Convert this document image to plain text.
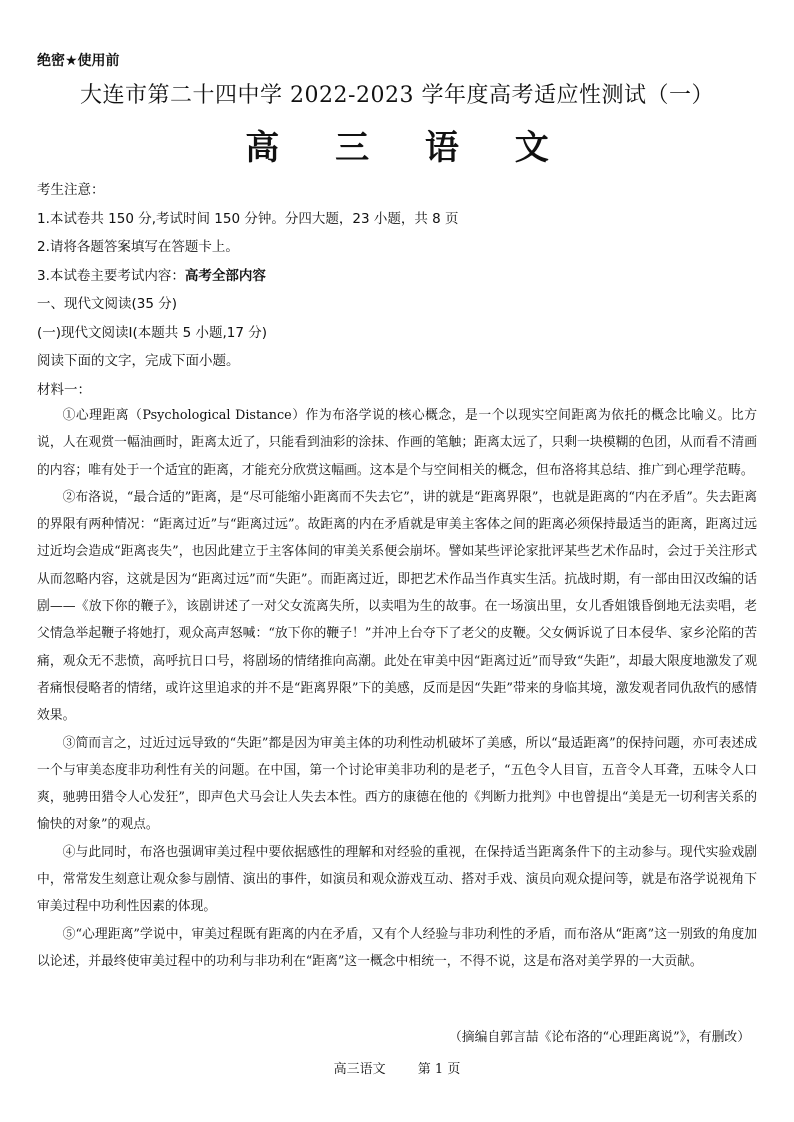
绝密★使用前
大连市第二十四中学 2022-2023 学年度高考适应性测试（一）
高 三 语 文
考生注意：
1.本试卷共 150 分,考试时间 150 分钟。分四大题，23 小题，共 8 页
2.请将各题答案填写在答题卡上。
3.本试卷主要考试内容：高考全部内容
一、现代文阅读(35 分)
(一)现代文阅读I(本题共 5 小题,17 分)
阅读下面的文字，完成下面小题。
材料一：

①心理距离（Psychological Distance）作为布洛学说的核心概念，是一个以现实空间距离为依托的概念比喻义。比方说，人在观赏一幅油画时，距离太近了，只能看到油彩的涂抹、作画的笔触；距离太远了，只剩一块模糊的色团，从而看不清画的内容；唯有处于一个适宜的距离，才能充分欣赏这幅画。这本是个与空间相关的概念，但布洛将其总结、推广到心理学范畴。

②布洛说，“最合适的”距离，是“尽可能缩小距离而不失去它”，讲的就是“距离界限”，也就是距离的“内在矛盾”。失去距离的界限有两种情况：“距离过近”与“距离过远”。故距离的内在矛盾就是审美主客体之间的距离必须保持最适当的距离，距离过远过近均会造成“距离丧失”，也因此建立于主客体间的审美关系便会崩坏。譬如某些评论家批评某些艺术作品时，会过于关注形式从而忽略内容，这就是因为“距离过远”而“失距”。而距离过近，即把艺术作品当作真实生活。抗战时期，有一部由田汉改编的话剧——《放下你的鞭子》，该剧讲述了一对父女流离失所，以卖唱为生的故事。在一场演出里，女儿香姐饿昏倒地无法卖唱，老父情急举起鞭子将她打，观众高声怒喊：“放下你的鞭子！”并冲上台夺下了老父的皮鞭。父女俩诉说了日本侵华、家乡沦陷的苦痛，观众无不悲愤，高呼抗日口号，将剧场的情绪推向高潮。此处在审美中因“距离过近”而导致“失距”，却最大限度地激发了观者痛恨侵略者的情绪，或许这里追求的并不是“距离界限”下的美感，反而是因“失距”带来的身临其境，激发观者同仇敌忾的感情效果。

③简而言之，过近过远导致的“失距”都是因为审美主体的功利性动机破坏了美感，所以“最适距离”的保持问题，亦可表述成一个与审美态度非功利性有关的问题。在中国，第一个讨论审美非功利的是老子，“五色令人目盲，五音令人耳聋，五味令人口爽，驰骋田猎令人心发狂”，即声色犬马会让人失去本性。西方的康德在他的《判断力批判》中也曾提出“美是无一切利害关系的愉快的对象”的观点。

④与此同时，布洛也强调审美过程中要依据感性的理解和对经验的重视，在保持适当距离条件下的主动参与。现代实验戏剧中，常常发生刻意让观众参与剧情、演出的事件，如演员和观众游戏互动、搭对手戏、演员向观众提问等，就是布洛学说视角下审美过程中功利性因素的体现。

⑤“心理距离”学说中，审美过程既有距离的内在矛盾，又有个人经验与非功利性的矛盾，而布洛从“距离”这一别致的角度加以论述，并最终使审美过程中的功利与非功利在“距离”这一概念中相统一，不得不说，这是布洛对美学界的一大贡献。

（摘编自郭言喆《论布洛的“心理距离说”》，有删改）
高三语文 第 1 页
